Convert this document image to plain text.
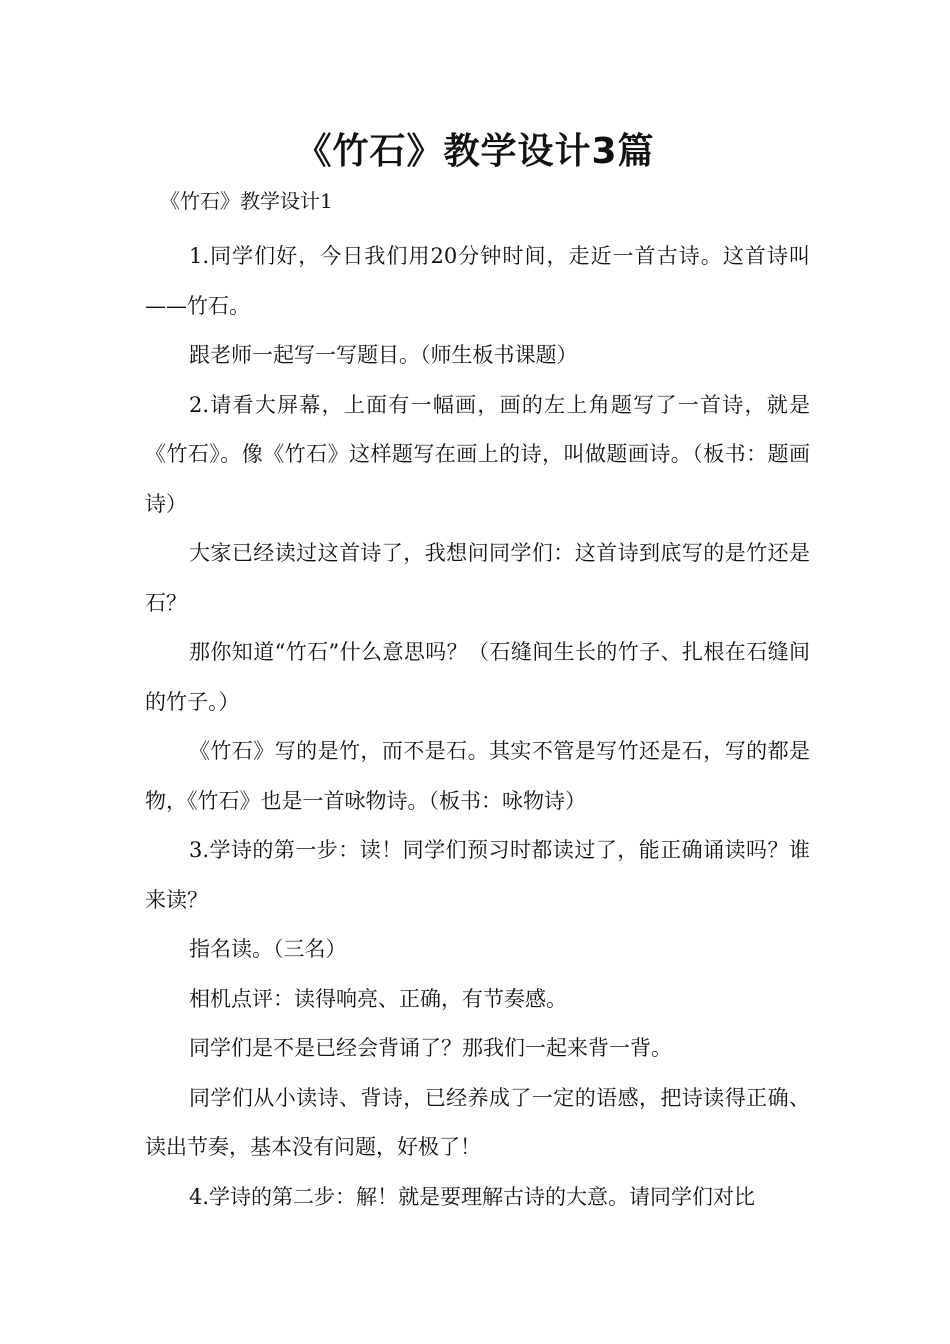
《竹石》教学设计3篇
《竹石》教学设计1

1.同学们好，今日我们用20分钟时间，走近一首古诗。这首诗叫——竹石。

跟老师一起写一写题目。（师生板书课题）

2.请看大屏幕，上面有一幅画，画的左上角题写了一首诗，就是《竹石》。像《竹石》这样题写在画上的诗，叫做题画诗。（板书：题画诗）

大家已经读过这首诗了，我想问同学们：这首诗到底写的是竹还是石？

那你知道“竹石”什么意思吗？（石缝间生长的竹子、扎根在石缝间的竹子。）

《竹石》写的是竹，而不是石。其实不管是写竹还是石，写的都是物，《竹石》也是一首咏物诗。（板书：咏物诗）

3.学诗的第一步：读！同学们预习时都读过了，能正确诵读吗？谁来读？

指名读。（三名）

相机点评：读得响亮、正确，有节奏感。

同学们是不是已经会背诵了？那我们一起来背一背。

同学们从小读诗、背诗，已经养成了一定的语感，把诗读得正确、读出节奏，基本没有问题，好极了！

4.学诗的第二步：解！就是要理解古诗的大意。请同学们对比
